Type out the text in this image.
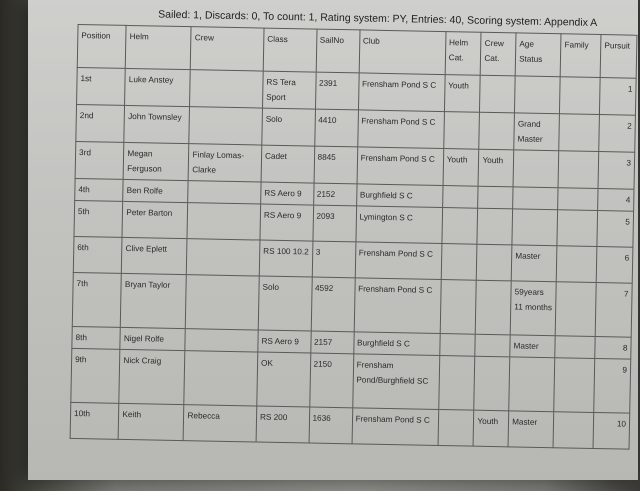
Sailed: 1, Discards: 0, To count: 1, Rating system: PY, Entries: 40, Scoring system: Appendix A
Position	Helm	Crew	Class	SailNo	Club	Helm Cat.	Crew Cat.	Age Status	Family	Pursuit
1st	Luke Anstey		RS Tera Sport	2391	Frensham Pond S C	Youth				1
2nd	John Townsley		Solo	4410	Frensham Pond S C			Grand Master		2
3rd	Megan Ferguson	Finlay Lomas-Clarke	Cadet	8845	Frensham Pond S C	Youth	Youth			3
4th	Ben Rolfe		RS Aero 9	2152	Burghfield S C					4
5th	Peter Barton		RS Aero 9	2093	Lymington S C					5
6th	Clive Eplett		RS 100 10.2	3	Frensham Pond S C			Master		6
7th	Bryan Taylor		Solo	4592	Frensham Pond S C			59years 11 months		7
8th	Nigel Rolfe		RS Aero 9	2157	Burghfield S C			Master		8
9th	Nick Craig		OK	2150	Frensham Pond/Burghfield SC					9
10th	Keith	Rebecca	RS 200	1636	Frensham Pond S C		Youth	Master		10
